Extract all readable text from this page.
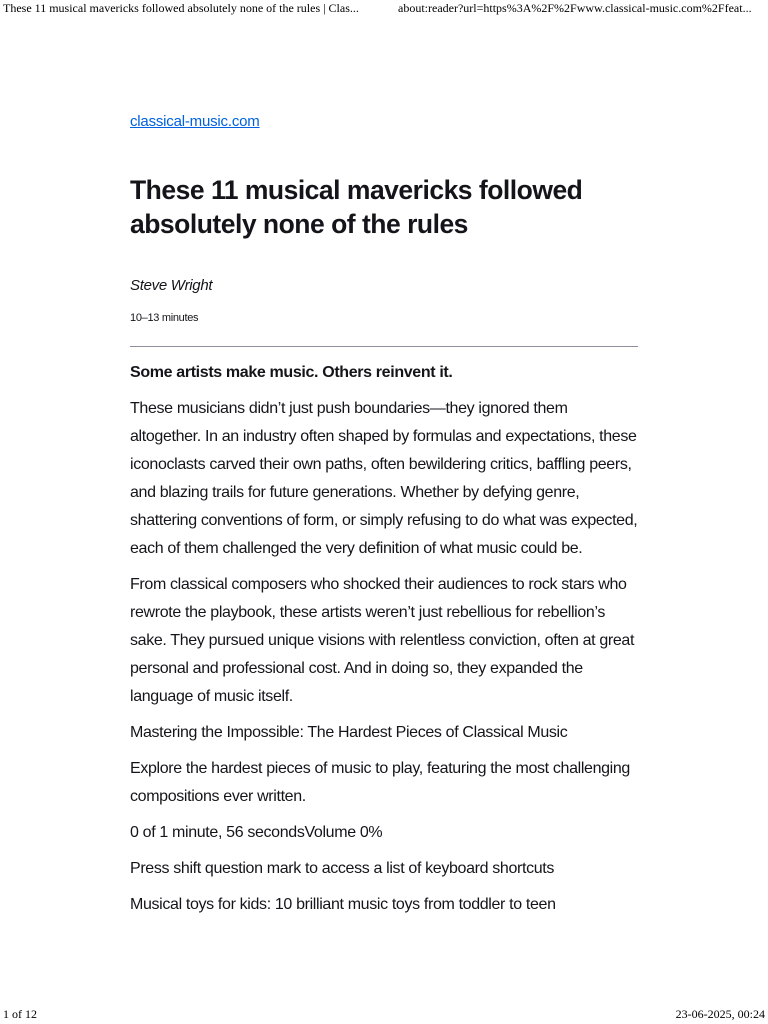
These 11 musical mavericks followed absolutely none of the rules | Clas...	about:reader?url=https%3A%2F%2Fwww.classical-music.com%2Ffeat...
classical-music.com
These 11 musical mavericks followed absolutely none of the rules
Steve Wright
10–13 minutes

Some artists make music. Others reinvent it.

These musicians didn’t just push boundaries—they ignored them altogether. In an industry often shaped by formulas and expectations, these iconoclasts carved their own paths, often bewildering critics, baffling peers, and blazing trails for future generations. Whether by defying genre, shattering conventions of form, or simply refusing to do what was expected, each of them challenged the very definition of what music could be.

From classical composers who shocked their audiences to rock stars who rewrote the playbook, these artists weren’t just rebellious for rebellion’s sake. They pursued unique visions with relentless conviction, often at great personal and professional cost. And in doing so, they expanded the language of music itself.

Mastering the Impossible: The Hardest Pieces of Classical Music

Explore the hardest pieces of music to play, featuring the most challenging compositions ever written.

0 of 1 minute, 56 secondsVolume 0%

Press shift question mark to access a list of keyboard shortcuts

Musical toys for kids: 10 brilliant music toys from toddler to teen

1 of 12	23-06-2025, 00:24
